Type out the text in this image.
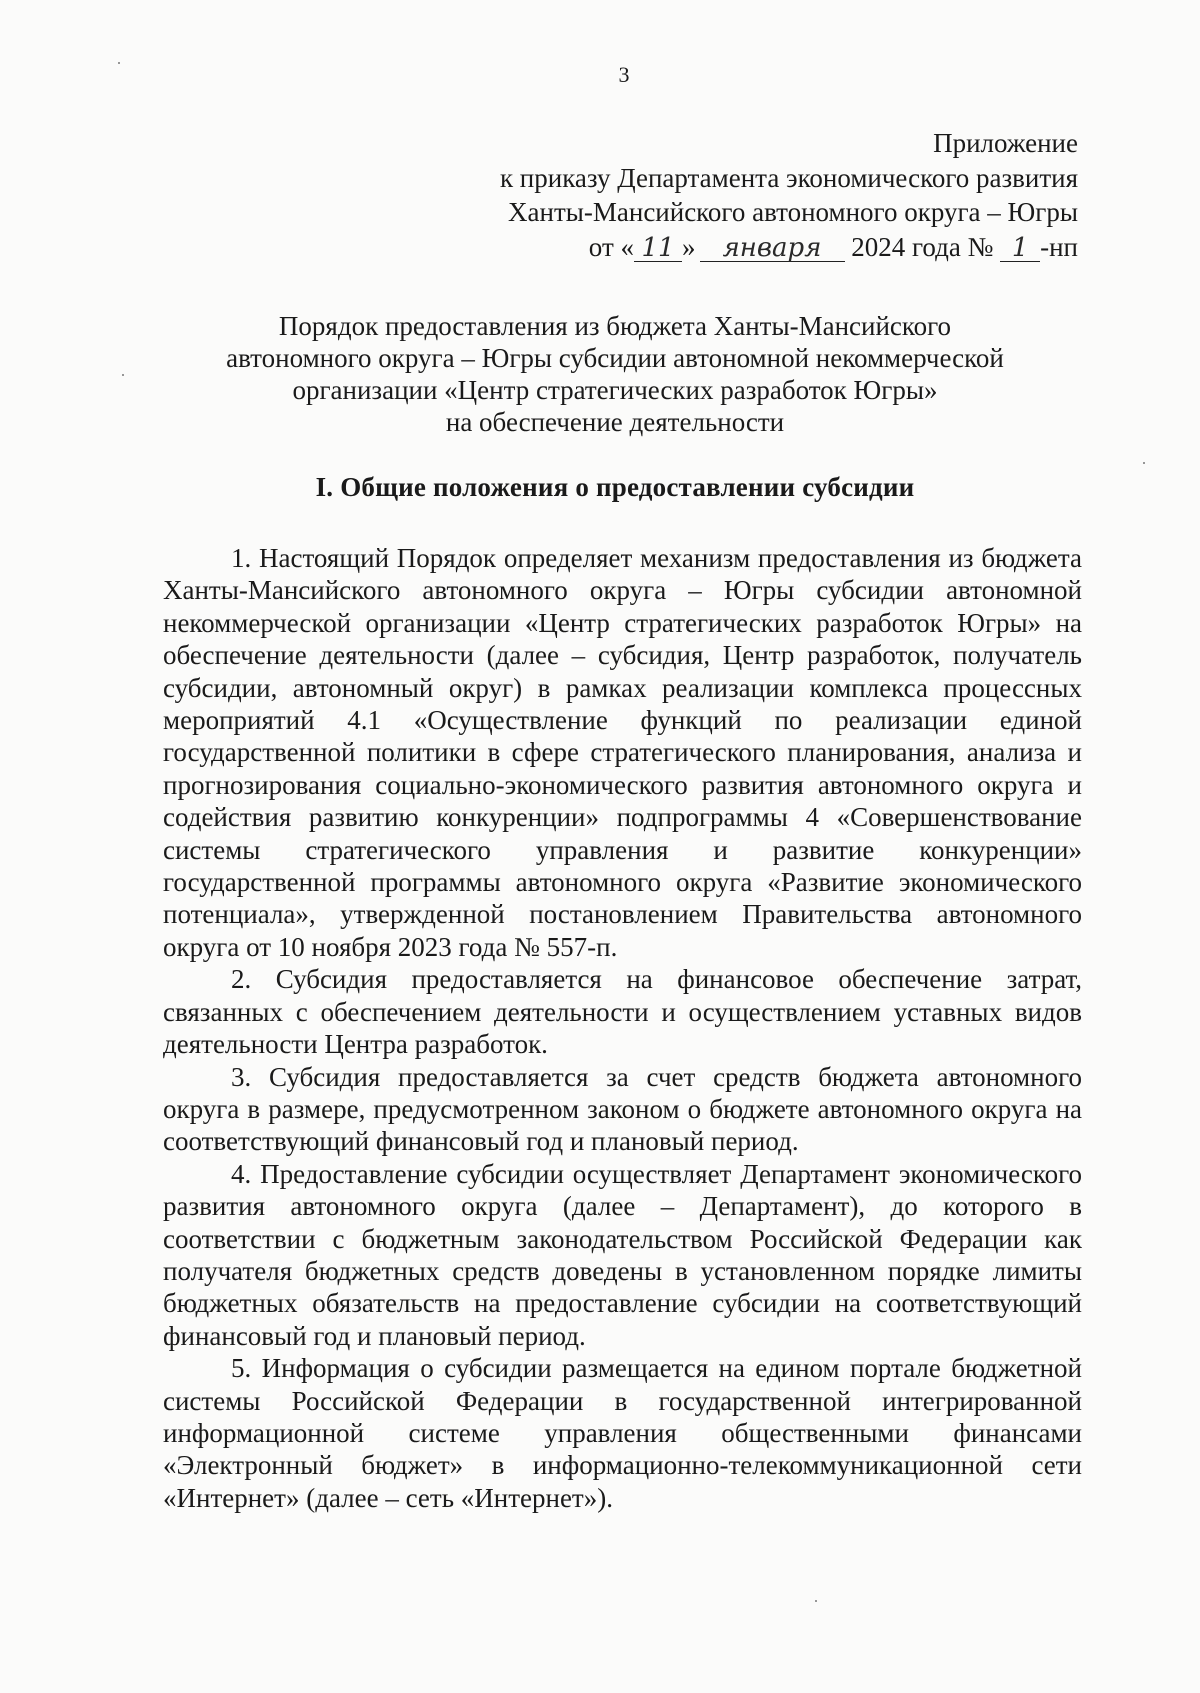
3
Приложение
к приказу Департамента экономического развития
Ханты-Мансийского автономного округа – Югры
от « 11 » января 2024 года № 1 -нп
Порядок предоставления из бюджета Ханты-Мансийского
автономного округа – Югры субсидии автономной некоммерческой
организации «Центр стратегических разработок Югры»
на обеспечение деятельности
I. Общие положения о предоставлении субсидии

1. Настоящий Порядок определяет механизм предоставления из бюджета Ханты-Мансийского автономного округа – Югры субсидии автономной некоммерческой организации «Центр стратегических разработок Югры» на обеспечение деятельности (далее – субсидия, Центр разработок, получатель субсидии, автономный округ) в рамках реализации комплекса процессных мероприятий 4.1 «Осуществление функций по реализации единой государственной политики в сфере стратегического планирования, анализа и прогнозирования социально-экономического развития автономного округа и содействия развитию конкуренции» подпрограммы 4 «Совершенствование системы стратегического управления и развитие конкуренции» государственной программы автономного округа «Развитие экономического потенциала», утвержденной постановлением Правительства автономного округа от 10 ноября 2023 года № 557-п.

2. Субсидия предоставляется на финансовое обеспечение затрат, связанных с обеспечением деятельности и осуществлением уставных видов деятельности Центра разработок.

3. Субсидия предоставляется за счет средств бюджета автономного округа в размере, предусмотренном законом о бюджете автономного округа на соответствующий финансовый год и плановый период.

4. Предоставление субсидии осуществляет Департамент экономического развития автономного округа (далее – Департамент), до которого в соответствии с бюджетным законодательством Российской Федерации как получателя бюджетных средств доведены в установленном порядке лимиты бюджетных обязательств на предоставление субсидии на соответствующий финансовый год и плановый период.

5. Информация о субсидии размещается на едином портале бюджетной системы Российской Федерации в государственной интегрированной информационной системе управления общественными финансами «Электронный бюджет» в информационно-телекоммуникационной сети «Интернет» (далее – сеть «Интернет»).
